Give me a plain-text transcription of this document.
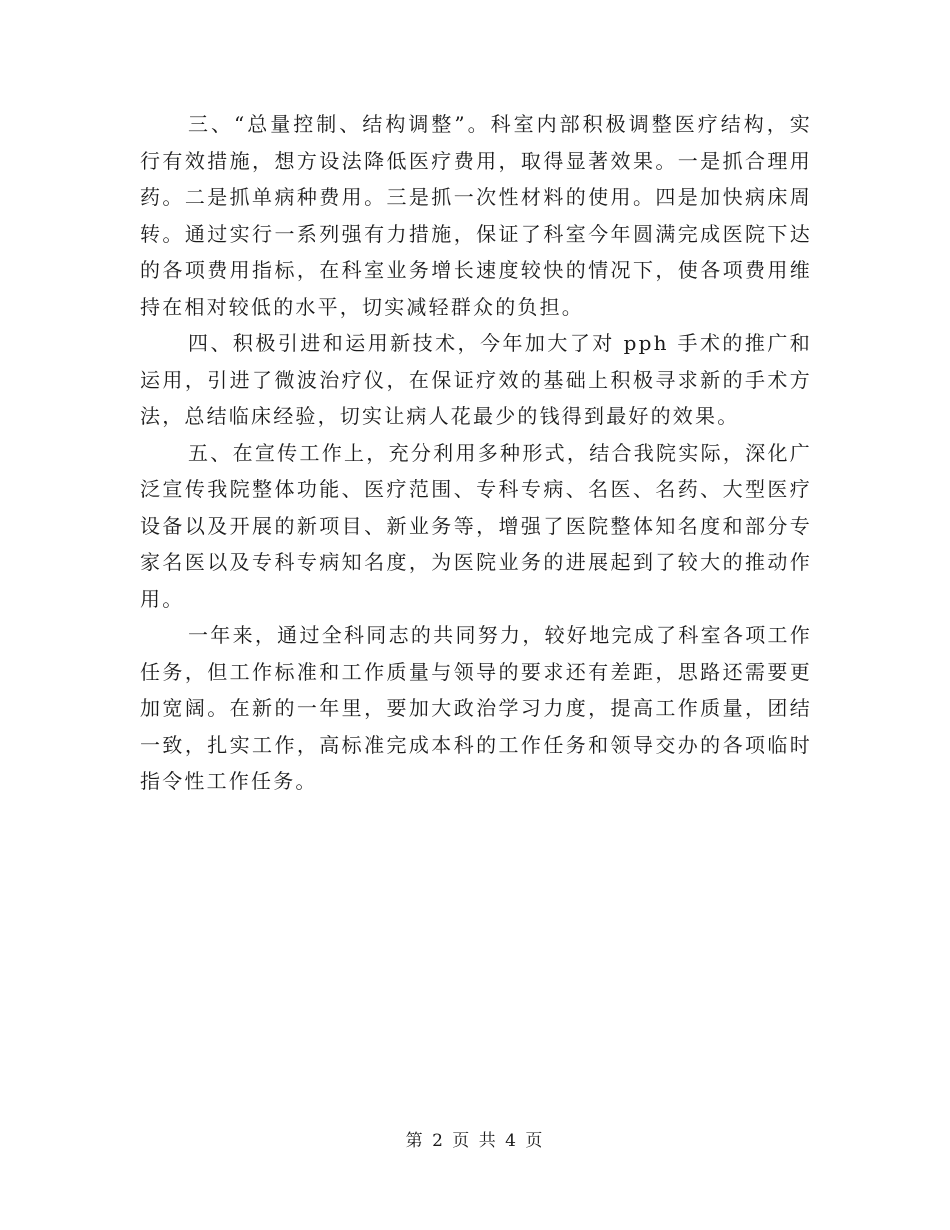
三、“总量控制、结构调整”。科室内部积极调整医疗结构，实行有效措施，想方设法降低医疗费用，取得显著效果。一是抓合理用药。二是抓单病种费用。三是抓一次性材料的使用。四是加快病床周转。通过实行一系列强有力措施，保证了科室今年圆满完成医院下达的各项费用指标，在科室业务增长速度较快的情况下，使各项费用维持在相对较低的水平，切实减轻群众的负担。

四、积极引进和运用新技术，今年加大了对 pph 手术的推广和运用，引进了微波治疗仪，在保证疗效的基础上积极寻求新的手术方法，总结临床经验，切实让病人花最少的钱得到最好的效果。

五、在宣传工作上，充分利用多种形式，结合我院实际，深化广泛宣传我院整体功能、医疗范围、专科专病、名医、名药、大型医疗设备以及开展的新项目、新业务等，增强了医院整体知名度和部分专家名医以及专科专病知名度，为医院业务的进展起到了较大的推动作用。

一年来，通过全科同志的共同努力，较好地完成了科室各项工作任务，但工作标准和工作质量与领导的要求还有差距，思路还需要更加宽阔。在新的一年里，要加大政治学习力度，提高工作质量，团结一致，扎实工作，高标准完成本科的工作任务和领导交办的各项临时指令性工作任务。

第 2 页 共 4 页
